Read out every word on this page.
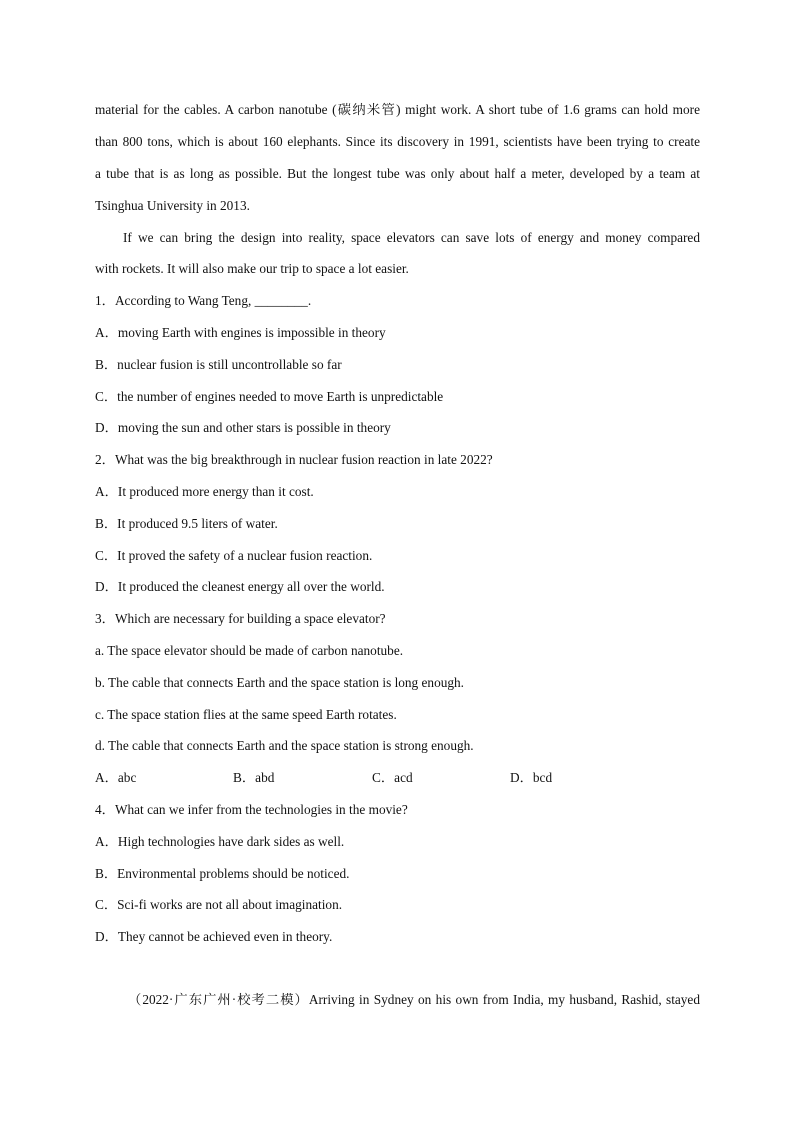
material for the cables. A carbon nanotube (碳纳米管) might work. A short tube of 1.6 grams can hold more
than 800 tons, which is about 160 elephants. Since its discovery in 1991, scientists have been trying to create
a tube that is as long as possible. But the longest tube was only about half a meter, developed by a team at
Tsinghua University in 2013.
If we can bring the design into reality, space elevators can save lots of energy and money compared
with rockets. It will also make our trip to space a lot easier.
1．According to Wang Teng, ________.
A．moving Earth with engines is impossible in theory
B．nuclear fusion is still uncontrollable so far
C．the number of engines needed to move Earth is unpredictable
D．moving the sun and other stars is possible in theory
2．What was the big breakthrough in nuclear fusion reaction in late 2022?
A．It produced more energy than it cost.
B．It produced 9.5 liters of water.
C．It proved the safety of a nuclear fusion reaction.
D．It produced the cleanest energy all over the world.
3．Which are necessary for building a space elevator?
a. The space elevator should be made of carbon nanotube.
b. The cable that connects Earth and the space station is long enough.
c. The space station flies at the same speed Earth rotates.
d. The cable that connects Earth and the space station is strong enough.
A．abc	B．abd	C．acd	D．bcd
4．What can we infer from the technologies in the movie?
A．High technologies have dark sides as well.
B．Environmental problems should be noticed.
C．Sci-fi works are not all about imagination.
D．They cannot be achieved even in theory.
（2022·广东广州·校考二模）Arriving in Sydney on his own from India, my husband, Rashid, stayed
